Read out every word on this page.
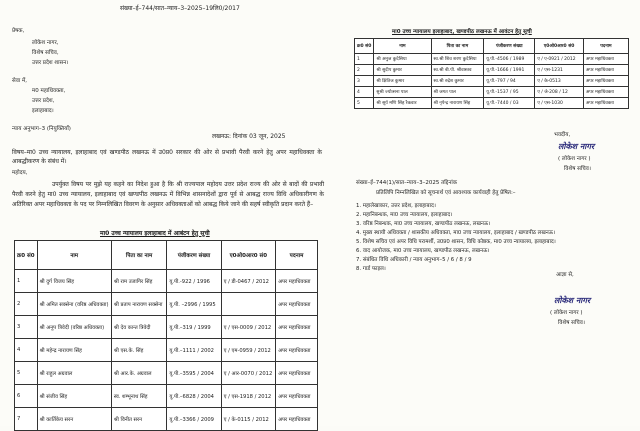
संख्या–ई–744/सात–न्याय–3–2025–19लि0/2017
प्रेषक,
लोकेश नागर,
विशेष सचिव,
उत्तर प्रदेश शासन।
सेवा में,
म0 महाधिवक्ता,
उत्तर प्रदेश,
इलाहाबाद।
न्याय अनुभाग–3 (नियुक्तियाँ)
लखनऊ: दिनांक 03 जून, 2025
विषय–मा0 उच्च न्यायालय, इलाहाबाद एवं खण्डपीठ लखनऊ में उ0प्र0 सरकार की ओर से प्रभावी पैरवी करने हेतु अपर महाधिवक्ता के आबद्धीकरण के संबंध में।
महोदय,
उपर्युक्त विषय पर मुझे यह कहने का निदेश हुआ है कि श्री राज्यपाल महोदय उत्तर प्रदेश राज्य की ओर से बादों की प्रभावी पैरवी करने हेतु मा0 उच्च न्यायालय, इलाहाबाद एवं खण्डपीठ लखनऊ में विभिन्न शासनादेशों द्वारा पूर्व से आबद्ध राज्य विधि अधिकारीगण के अतिरिक्त अपर महाधिवक्ता के पद पर निम्नलिखित विवरण के अनुसार अधिवक्ताओं को आबद्ध किये जाने की सहर्ष स्वीकृति प्रदान करते हैं–
मा0 उच्च न्यायालय इलाहाबाद में आबंटन हेतु सूची
क्र0 सं0	नाम	पिता का नाम	पंजीकरण संख्या	ए0ओ0आर0 सं0	पदनाम
1	श्री दुर्ग विजय सिंह	श्री राम उजागिर सिंह	यू.पी.-922 / 1996	ए / डी-0467 / 2012	अपर महाधिवक्ता
2	श्री अमित सक्सेना (वरिष्ठ अधिवक्ता)	श्री प्रताप नारायण सक्सेना	यू.पी. –2996 / 1995		अपर महाधिवक्ता
3	श्री अनूप त्रिवेदी (वरिष्ठ अधिवक्ता)	श्री देव कान्त त्रिवेदी	यू.पी.–319 / 1999	ए / एस-0009 / 2012	अपर महाधिवक्ता
4	श्री महेन्द्र नारायण सिंह	श्री एस.के. सिंह	यू.पी.–1111 / 2002	ए / एम-0959 / 2012	अपर महाधिवक्ता
5	श्री राहुल अग्रवाल	श्री आर.के. अग्रवाल	यू.पी.–3595 / 2004	ए / आर-0070 / 2012	अपर महाधिवक्ता
6	श्री संजीव सिंह	स्व. शम्भूनाथ सिंह	यू.पी.–6828 / 2004	ए / एस-1918 / 2012	अपर महाधिवक्ता
7	श्री कार्तिकेय सरन	श्री विनीत सरन	यू.पी.–3366 / 2009	ए / के-0115 / 2012	अपर महाधिवक्ता
मा0 उच्च न्यायालय इलाहाबाद, खण्डपीठ लखनऊ में आवंटन हेतु सूची
क्र0 सं0	नाम	पिता का नाम	पंजीकरण संख्या	ए0ओ0आर0 सं0	पदनाम
1	श्री अनुज कुदेसिया	स्व.श्री शिव शरण कुदेसिया	यू.पी.-4506 / 1989	ए / ए-0921 / 2012	अपर महाधिवक्ता
2	श्री सुदीप कुमार	स्व.श्री बी.पी. श्रीवास्तव	यू.पी.-1666 / 1991	ए / एस-1231	अपर महाधिवक्ता
3	श्री क्षितिज कुमार	स्व.श्री रुद्रेश कुमार	यू.पी.-797 / 94	ए / के-0513	अपर महाधिवक्ता
4	सुश्री ज्योत्सना पाल	श्री जगत पाल	यू.पी.-1537 / 95	ए / जे-208 / 12	अपर महाधिवक्ता
5	श्री सूर्य मणि सिंह रैकवार	श्री नृपेन्द्र नारायण सिंह	यू.पी.-7440 / 03	ए / एस-1030	अपर महाधिवक्ता
भवदीय,
लोकेश नागर
( लोकेश नागर )
विशेष सचिव।
संख्या–ई–744(1)/सात–न्याय–3–2025 तद्दिनांक
प्रतिलिपि निम्नलिखित को सूचनार्थ एवं आवश्यक कार्यवाही हेतु प्रेषित:–
1. महालेखाकार, उत्तर प्रदेश, इलाहाबाद।
2. महानिबन्धक, मा0 उच्च न्यायालय, इलाहाबाद।
3. वरिष्ठ निबन्धक, मा0 उच्च न्यायालय, खण्डपीठ लखनऊ, लखनऊ।
4. मुख्य स्थायी अधिवक्ता / शासकीय अधिवक्ता, मा0 उच्च न्यायालय, इलाहाबाद / खण्डपीठ लखनऊ।
5. विशेष सचिव एवं अपर विधि परामर्शी, उ0प्र0 शासन, विधि कोष्ठक, मा0 उच्च न्यायालय, इलाहाबाद।
6. वाद आयोजक, मा0 उच्च न्यायालय, खण्डपीठ लखनऊ, लखनऊ।
7. संबंधित विधि अधिकारी / न्याय अनुभाग–5 / 6 / 8 / 9
8. गार्ड फाइल।
आज्ञा से,
लोकेश नागर
( लोकेश नागर )
विशेष सचिव।
